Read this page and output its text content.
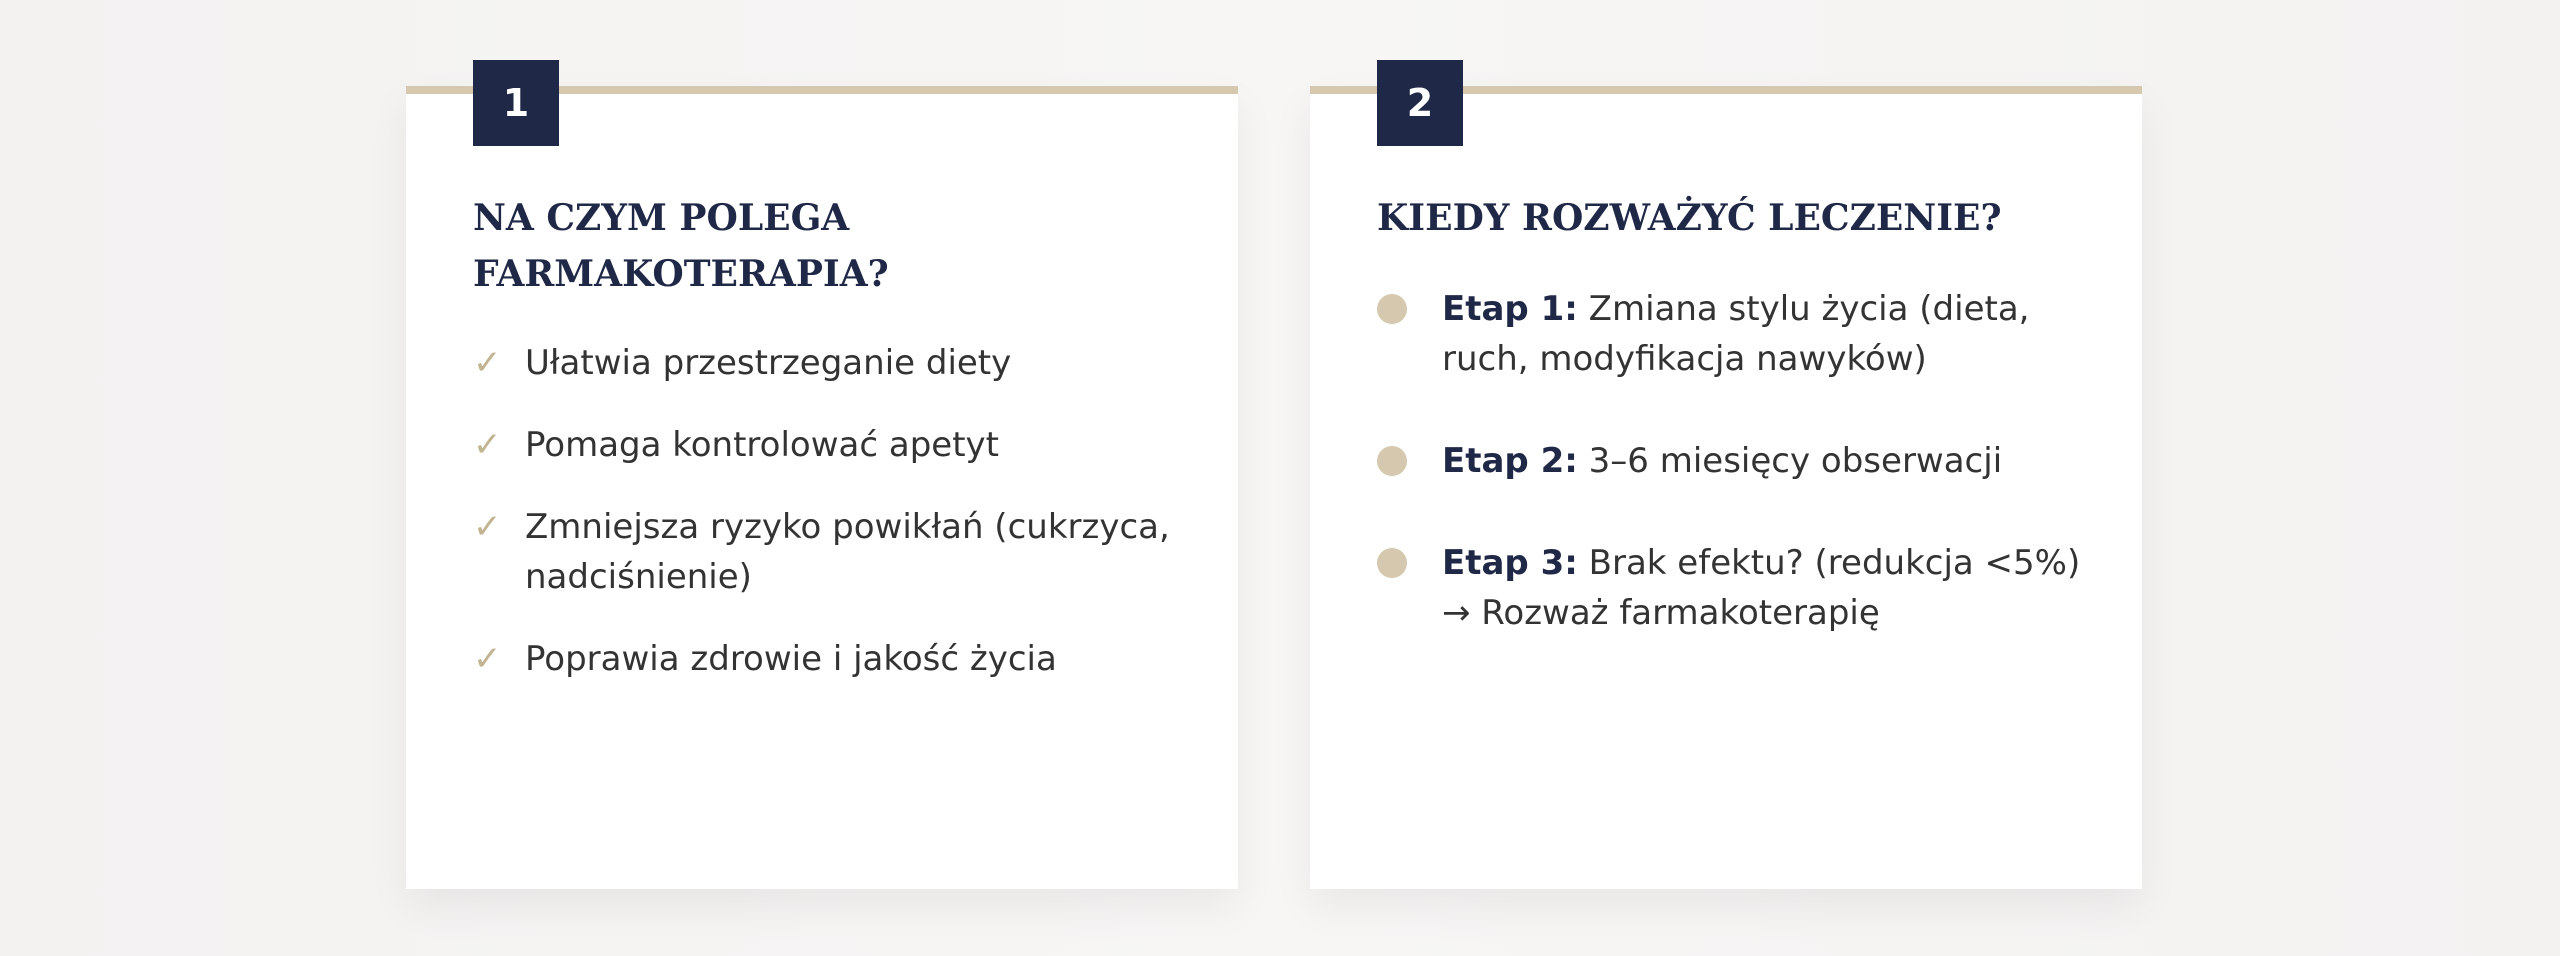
1
NA CZYM POLEGA FARMAKOTERAPIA?
✓ Ułatwia przestrzeganie diety
✓ Pomaga kontrolować apetyt
✓ Zmniejsza ryzyko powikłań (cukrzyca, nadciśnienie)
✓ Poprawia zdrowie i jakość życia
2
KIEDY ROZWAŻYĆ LECZENIE?
Etap 1: Zmiana stylu życia (dieta, ruch, modyfikacja nawyków)
Etap 2: 3–6 miesięcy obserwacji
Etap 3: Brak efektu? (redukcja <5%) → Rozważ farmakoterapię
